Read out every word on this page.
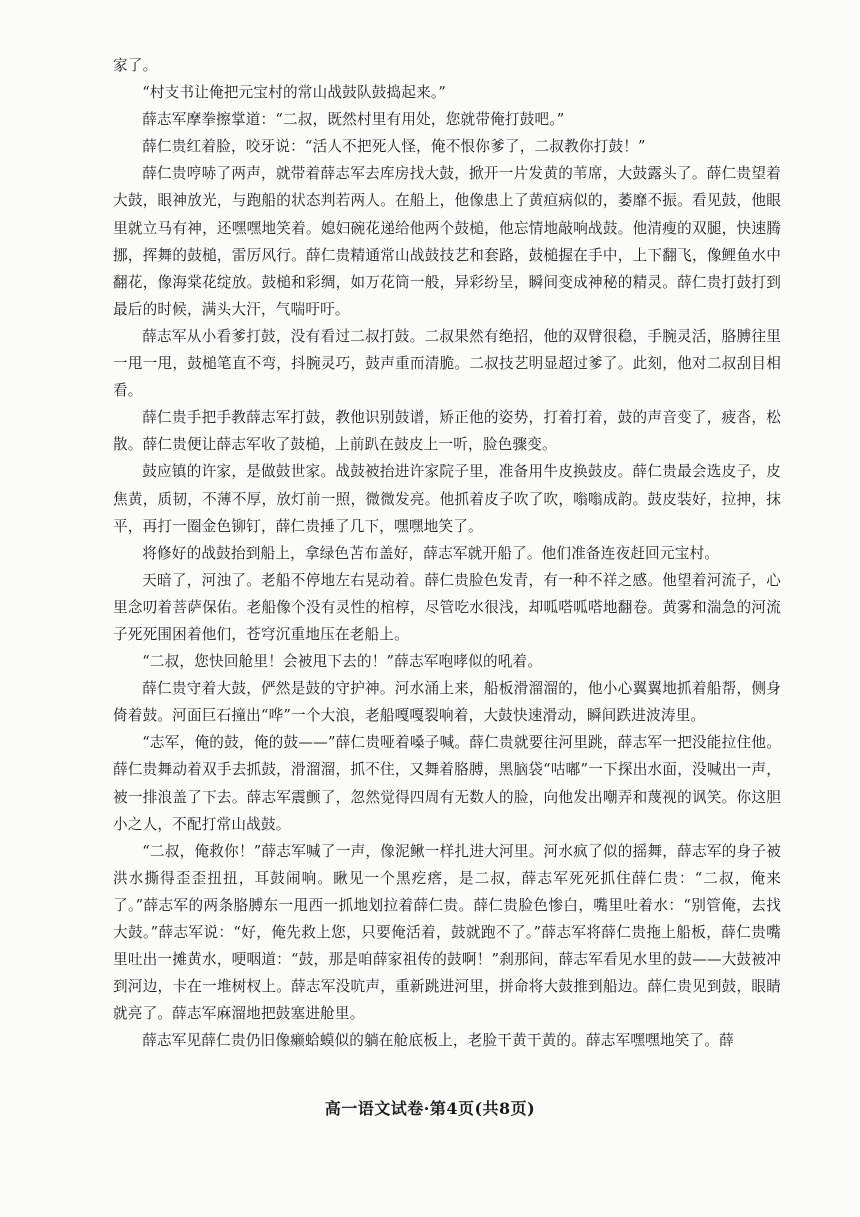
家了。

“村支书让俺把元宝村的常山战鼓队鼓捣起来。”

薛志军摩拳擦掌道：“二叔，既然村里有用处，您就带俺打鼓吧。”

薛仁贵红着脸，咬牙说：“活人不把死人怪，俺不恨你爹了，二叔教你打鼓！”

薛仁贵哼哧了两声，就带着薛志军去库房找大鼓，掀开一片发黄的苇席，大鼓露头了。薛仁贵望着大鼓，眼神放光，与跑船的状态判若两人。在船上，他像患上了黄疸病似的，萎靡不振。看见鼓，他眼里就立马有神，还嘿嘿地笑着。媳妇碗花递给他两个鼓槌，他忘情地敲响战鼓。他清瘦的双腿，快速腾挪，挥舞的鼓槌，雷厉风行。薛仁贵精通常山战鼓技艺和套路，鼓槌握在手中，上下翻飞，像鲤鱼水中翻花，像海棠花绽放。鼓槌和彩绸，如万花筒一般，异彩纷呈，瞬间变成神秘的精灵。薛仁贵打鼓打到最后的时候，满头大汗，气喘吁吁。

薛志军从小看爹打鼓，没有看过二叔打鼓。二叔果然有绝招，他的双臂很稳，手腕灵活，胳膊往里一甩一甩，鼓槌笔直不弯，抖腕灵巧，鼓声重而清脆。二叔技艺明显超过爹了。此刻，他对二叔刮目相看。

薛仁贵手把手教薛志军打鼓，教他识别鼓谱，矫正他的姿势，打着打着，鼓的声音变了，疲沓，松散。薛仁贵便让薛志军收了鼓槌，上前趴在鼓皮上一听，脸色骤变。

鼓应镇的许家，是做鼓世家。战鼓被抬进许家院子里，准备用牛皮换鼓皮。薛仁贵最会选皮子，皮焦黄，质韧，不薄不厚，放灯前一照，微微发亮。他抓着皮子吹了吹，嗡嗡成韵。鼓皮装好，拉抻，抹平，再打一圈金色铆钉，薛仁贵捶了几下，嘿嘿地笑了。

将修好的战鼓抬到船上，拿绿色苫布盖好，薛志军就开船了。他们准备连夜赶回元宝村。

天暗了，河浊了。老船不停地左右晃动着。薛仁贵脸色发青，有一种不祥之感。他望着河流子，心里念叨着菩萨保佑。老船像个没有灵性的棺椁，尽管吃水很浅，却呱嗒呱嗒地翻卷。黄雾和湍急的河流子死死围困着他们，苍穹沉重地压在老船上。

“二叔，您快回舱里！会被甩下去的！”薛志军咆哮似的吼着。

薛仁贵守着大鼓，俨然是鼓的守护神。河水涌上来，船板滑溜溜的，他小心翼翼地抓着船帮，侧身倚着鼓。河面巨石撞出“哗”一个大浪，老船嘎嘎裂响着，大鼓快速滑动，瞬间跌进波涛里。

“志军，俺的鼓，俺的鼓——”薛仁贵哑着嗓子喊。薛仁贵就要往河里跳，薛志军一把没能拉住他。薛仁贵舞动着双手去抓鼓，滑溜溜，抓不住，又舞着胳膊，黑脑袋“咕嘟”一下探出水面，没喊出一声，被一排浪盖了下去。薛志军震颤了，忽然觉得四周有无数人的脸，向他发出嘲弄和蔑视的讽笑。你这胆小之人，不配打常山战鼓。

“二叔，俺救你！”薛志军喊了一声，像泥鳅一样扎进大河里。河水疯了似的摇舞，薛志军的身子被洪水撕得歪歪扭扭，耳鼓闹响。瞅见一个黑疙瘩，是二叔，薛志军死死抓住薛仁贵：“二叔，俺来了。”薛志军的两条胳膊东一甩西一抓地划拉着薛仁贵。薛仁贵脸色惨白，嘴里吐着水：“别管俺，去找大鼓。”薛志军说：“好，俺先救上您，只要俺活着，鼓就跑不了。”薛志军将薛仁贵拖上船板，薛仁贵嘴里吐出一摊黄水，哽咽道：“鼓，那是咱薛家祖传的鼓啊！”刹那间，薛志军看见水里的鼓——大鼓被冲到河边，卡在一堆树杈上。薛志军没吭声，重新跳进河里，拼命将大鼓推到船边。薛仁贵见到鼓，眼睛就亮了。薛志军麻溜地把鼓塞进舱里。

薛志军见薛仁贵仍旧像癞蛤蟆似的躺在舱底板上，老脸干黄干黄的。薛志军嘿嘿地笑了。薛

高一语文试卷·第4页(共8页)
